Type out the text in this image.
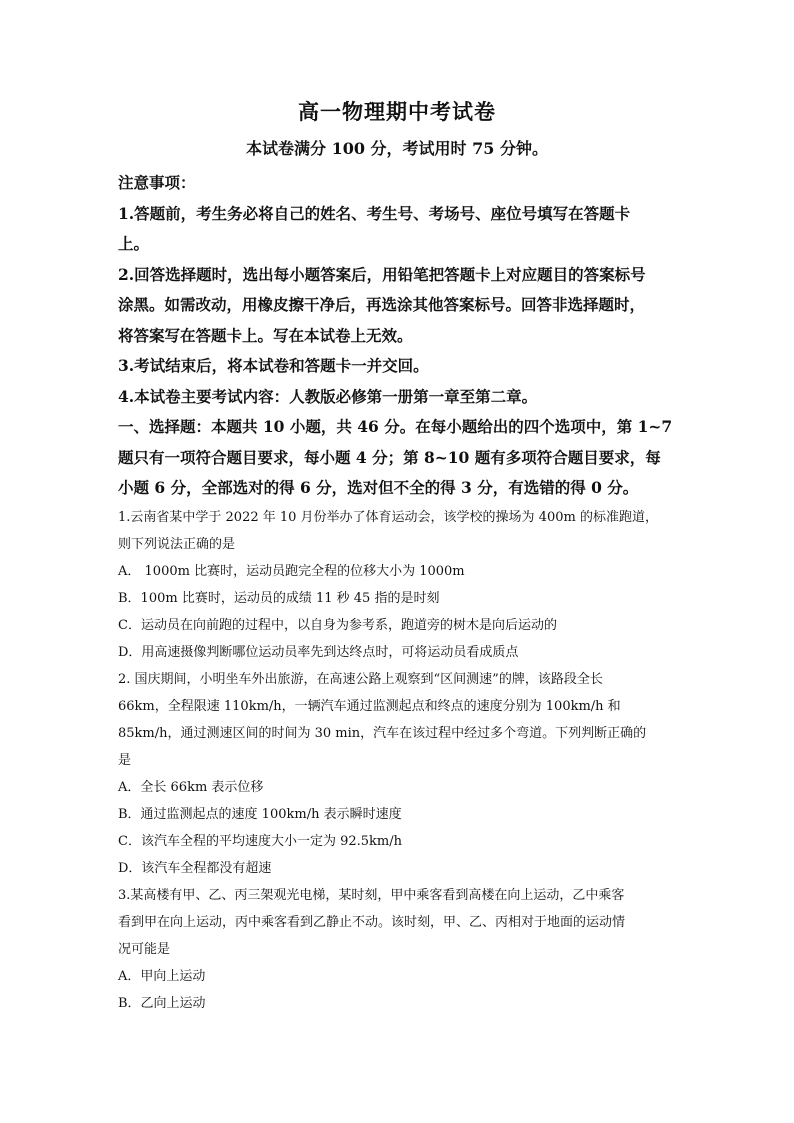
高一物理期中考试卷
本试卷满分 100 分，考试用时 75 分钟。

注意事项：

1.答题前，考生务必将自己的姓名、考生号、考场号、座位号填写在答题卡

上。

2.回答选择题时，选出每小题答案后，用铅笔把答题卡上对应题目的答案标号

涂黑。如需改动，用橡皮擦干净后，再选涂其他答案标号。回答非选择题时，

将答案写在答题卡上。写在本试卷上无效。

3.考试结束后，将本试卷和答题卡一并交回。

4.本试卷主要考试内容：人教版必修第一册第一章至第二章。

一、选择题：本题共 10 小题，共 46 分。在每小题给出的四个选项中，第 1~7

题只有一项符合题目要求，每小题 4 分；第 8~10 题有多项符合题目要求，每

小题 6 分，全部选对的得 6 分，选对但不全的得 3 分，有选错的得 0 分。

1.云南省某中学于 2022 年 10 月份举办了体育运动会，该学校的操场为 400m 的标准跑道，

则下列说法正确的是

A． 1000m 比赛时，运动员跑完全程的位移大小为 1000m

B．100m 比赛时，运动员的成绩 11 秒 45 指的是时刻

C．运动员在向前跑的过程中，以自身为参考系，跑道旁的树木是向后运动的

D．用高速摄像判断哪位运动员率先到达终点时，可将运动员看成质点

2. 国庆期间，小明坐车外出旅游，在高速公路上观察到“区间测速”的牌，该路段全长

66km，全程限速 110km/h，一辆汽车通过监测起点和终点的速度分别为 100km/h 和

85km/h，通过测速区间的时间为 30 min，汽车在该过程中经过多个弯道。下列判断正确的

是

A．全长 66km 表示位移

B．通过监测起点的速度 100km/h 表示瞬时速度

C．该汽车全程的平均速度大小一定为 92.5km/h

D．该汽车全程都没有超速

3.某高楼有甲、乙、丙三架观光电梯，某时刻，甲中乘客看到高楼在向上运动，乙中乘客

看到甲在向上运动，丙中乘客看到乙静止不动。该时刻，甲、乙、丙相对于地面的运动情

况可能是

A．甲向上运动

B．乙向上运动
